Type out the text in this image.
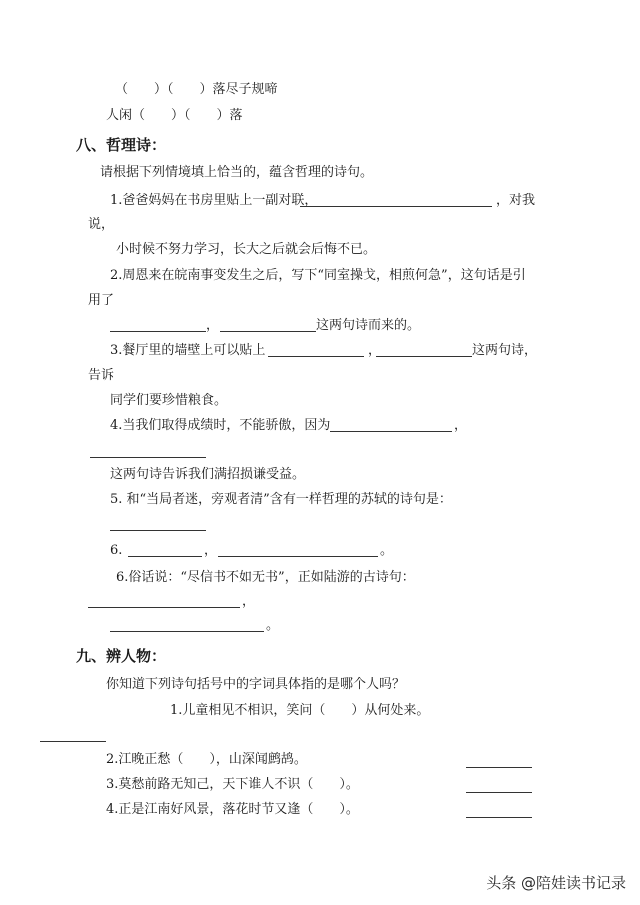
（　　）（　　）落尽子规啼
人闲（　　）（　　）落
八、哲理诗：
请根据下列情境填上恰当的，蕴含哲理的诗句。
1.爸爸妈妈在书房里贴上一副对联，	，对我
说，
小时候不努力学习，长大之后就会后悔不已。
2.周恩来在皖南事变发生之后，写下“同室操戈，相煎何急”，这句话是引
用了
，	这两句诗而来的。
3.餐厅里的墙壁上可以贴上	，	这两句诗，
告诉
同学们要珍惜粮食。
4.当我们取得成绩时，不能骄傲，因为	，
这两句诗告诉我们满招损谦受益。
5. 和“当局者迷，旁观者清”含有一样哲理的苏轼的诗句是：
6.	，	。
6.俗话说：“尽信书不如无书”，正如陆游的古诗句：
，
。
九、辨人物：
你知道下列诗句括号中的字词具体指的是哪个人吗？
1.儿童相见不相识，笑问（　　）从何处来。
2.江晚正愁（　　），山深闻鹧鸪。
3.莫愁前路无知己，天下谁人不识（　　）。
4.正是江南好风景，落花时节又逢（　　）。
头条 @陪娃读书记录
